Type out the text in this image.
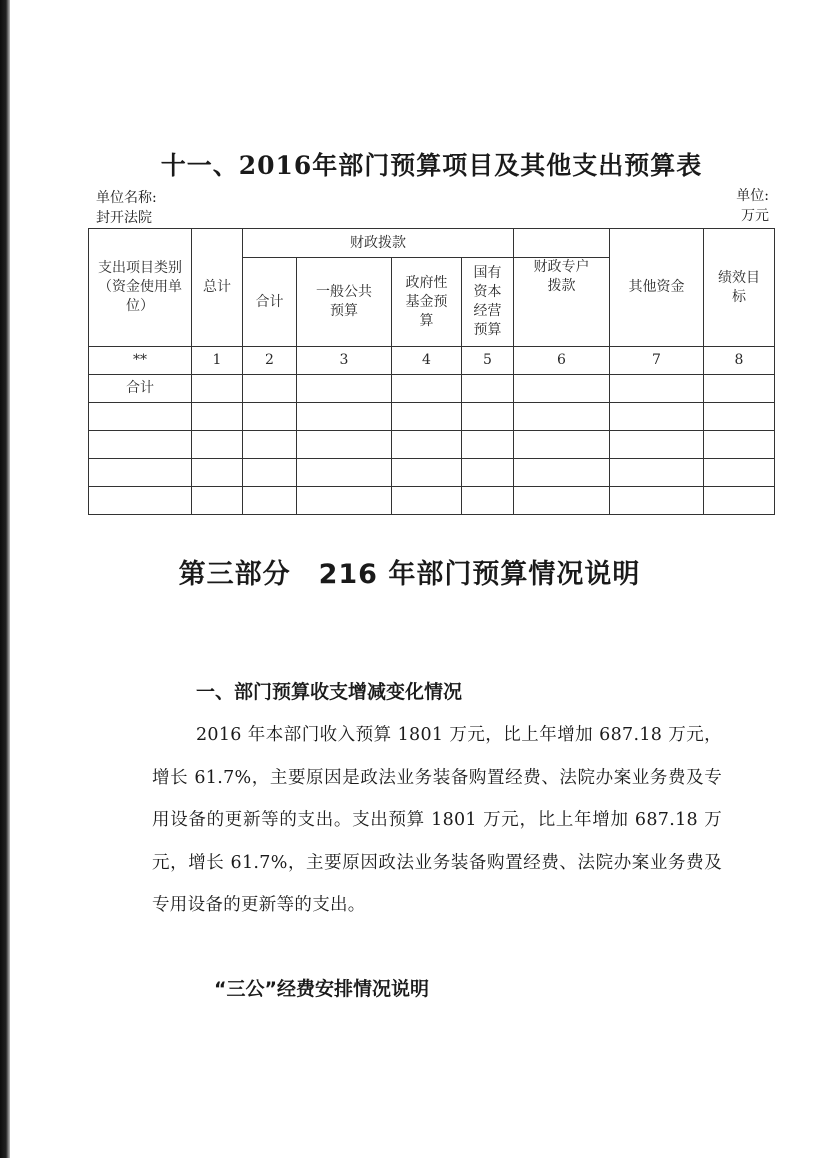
十一、2016年部门预算项目及其他支出预算表
单位名称:
封开法院
单位:
万元
支出项目类别（资金使用单位）	总计	财政拨款					其他资金	绩效目标

		合计	一般公共预算	政府性基金预算	国有资本经营预算	财政专户拨款		

**	1	2	3	4	5	6	7	8
合计								

第三部分　216 年部门预算情况说明
一、部门预算收支增减变化情况

2016 年本部门收入预算 1801 万元，比上年增加 687.18 万元，增长 61.7%，主要原因是政法业务装备购置经费、法院办案业务费及专用设备的更新等的支出。支出预算 1801 万元，比上年增加 687.18 万元，增长 61.7%，主要原因政法业务装备购置经费、法院办案业务费及专用设备的更新等的支出。

“三公”经费安排情况说明
